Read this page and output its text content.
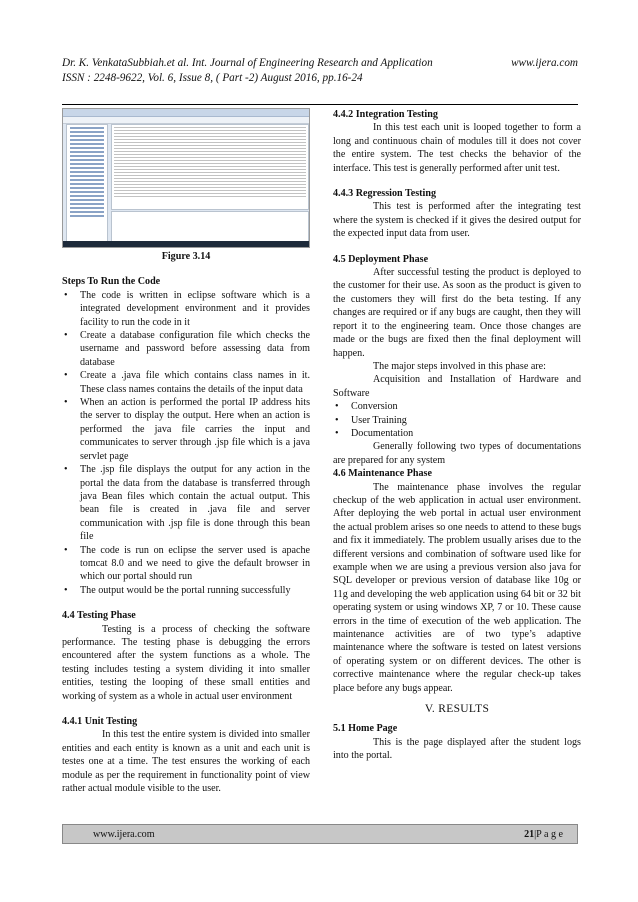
Dr. K. VenkataSubbiah.et al. Int. Journal of Engineering Research and Application	www.ijera.com
ISSN : 2248-9622, Vol. 6, Issue 8, ( Part -2) August 2016, pp.16-24
Figure 3.14
Steps To Run the Code
• The code is written in eclipse software which is a integrated development environment and it provides facility to run the code in it
• Create a database configuration file which checks the username and password before assessing data from database
• Create a .java file which contains class names in it. These class names contains the details of the input data
• When an action is performed the portal IP address hits the server to display the output. Here when an action is performed the java file carries the input and communicates to server through .jsp file which is a java servlet page
• The .jsp file displays the output for any action in the portal the data from the database is transferred through java Bean files which contain the actual output. This bean file is created in .java file and server communication with .jsp file is done through this bean file
• The code is run on eclipse the server used is apache tomcat 8.0 and we need to give the default browser in which our portal should run
• The output would be the portal running successfully
4.4 Testing Phase

Testing is a process of checking the software performance. The testing phase is debugging the errors encountered after the system functions as a whole. The testing includes testing a system dividing it into smaller entities, testing the looping of these small entities and working of system as a whole in actual user environment

4.4.1 Unit Testing

In this test the entire system is divided into smaller entities and each entity is known as a unit and each unit is testes one at a time. The test ensures the working of each module as per the requirement in functionality point of view rather actual module visible to the user.

4.4.2 Integration Testing

In this test each unit is looped together to form a long and continuous chain of modules till it does not cover the entire system. The test checks the behavior of the interface. This test is generally performed after unit test.

4.4.3 Regression Testing

This test is performed after the integrating test where the system is checked if it gives the desired output for the expected input data from user.

4.5 Deployment Phase

After successful testing the product is deployed to the customer for their use. As soon as the product is given to the customers they will first do the beta testing. If any changes are required or if any bugs are caught, then they will report it to the engineering team. Once those changes are made or the bugs are fixed then the final deployment will happen.

The major steps involved in this phase are:

Acquisition and Installation of Hardware and Software

• Conversion
• User Training
• Documentation

Generally following two types of documentations are prepared for any system

4.6 Maintenance Phase

The maintenance phase involves the regular checkup of the web application in actual user environment. After deploying the web portal in actual user environment the actual problem arises so one needs to attend to these bugs and fix it immediately. The problem usually arises due to the different versions and combination of software used like for example when we are using a previous version also java for SQL developer or previous version of database like 10g or 11g and developing the web application using 64 bit or 32 bit operating system or using windows XP, 7 or 10. These cause errors in the time of execution of the web application. The maintenance activities are of two type’s adaptive maintenance where the software is tested on latest versions of operating system or on different devices. The other is corrective maintenance where the regular check-up takes place before any bugs appear.

V. RESULTS
5.1 Home Page

This is the page displayed after the student logs into the portal.

www.ijera.com	21|P a g e
